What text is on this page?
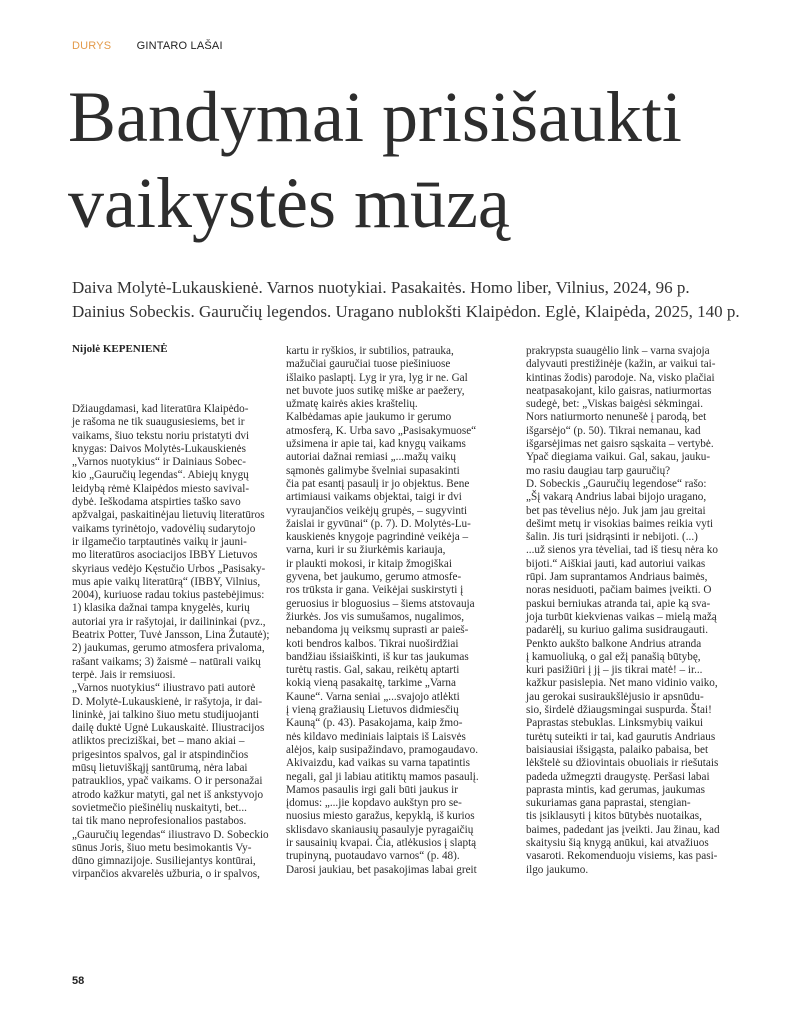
DURYS GINTARO LAŠAI
Bandymai prisišaukti
vaikystės mūzą
Daiva Molytė-Lukauskienė. Varnos nuotykiai. Pasakaitės. Homo liber, Vilnius, 2024, 96 p.
Dainius Sobeckis. Gauručių legendos. Uragano nublokšti Klaipėdon. Eglė, Klaipėda, 2025, 140 p.
Nijolė KEPENIENĖ

Džiaugdamasi, kad literatūra Klaipėdo-
je rašoma ne tik suaugusiesiems, bet ir
vaikams, šiuo tekstu noriu pristatyti dvi
knygas: Daivos Molytės-Lukauskienės
„Varnos nuotykius“ ir Dainiaus Sobec-
kio „Gauručių legendas“. Abiejų knygų
leidybą rėmė Klaipėdos miesto savival-
dybė. Ieškodama atspirties taško savo
apžvalgai, paskaitinėjau lietuvių literatūros
vaikams tyrinėtojo, vadovėlių sudarytojo
ir ilgamečio tarptautinės vaikų ir jauni-
mo literatūros asociacijos IBBY Lietuvos
skyriaus vedėjo Kęstučio Urbos „Pasisaky-
mus apie vaikų literatūrą“ (IBBY, Vilnius,
2004), kuriuose radau tokius pastebėjimus:
1) klasika dažnai tampa knygelės, kurių
autoriai yra ir rašytojai, ir dailininkai (pvz.,
Beatrix Potter, Tuvė Jansson, Lina Žutautė);
2) jaukumas, gerumo atmosfera privaloma,
rašant vaikams; 3) žaismė – natūrali vaikų
terpė. Jais ir remsiuosi.
„Varnos nuotykius“ iliustravo pati autorė
D. Molytė-Lukauskienė, ir rašytoja, ir dai-
lininkė, jai talkino šiuo metu studijuojanti
dailę duktė Ugnė Lukauskaitė. Iliustracijos
atliktos preciziškai, bet – mano akiai –
prigesintos spalvos, gal ir atspindinčios
mūsų lietuviškąjį santūrumą, nėra labai
patrauklios, ypač vaikams. O ir personažai
atrodo kažkur matyti, gal net iš ankstyvojo
sovietmečio piešinėlių nuskaityti, bet...
tai tik mano neprofesionalios pastabos.
„Gauručių legendas“ iliustravo D. Sobeckio
sūnus Joris, šiuo metu besimokantis Vy-
dūno gimnazijoje. Susiliejantys kontūrai,
virpančios akvarelės užburia, o ir spalvos,

kartu ir ryškios, ir subtilios, patrauka,
mažučiai gauručiai tuose piešiniuose
išlaiko paslaptį. Lyg ir yra, lyg ir ne. Gal
net buvote juos sutikę miške ar paežery,
užmatę kairės akies kraštelių.
Kalbėdamas apie jaukumo ir gerumo
atmosferą, K. Urba savo „Pasisakymuose“
užsimena ir apie tai, kad knygų vaikams
autoriai dažnai remiasi „...mažų vaikų
sąmonės galimybe švelniai supasakinti
čia pat esantį pasaulį ir jo objektus. Bene
artimiausi vaikams objektai, taigi ir dvi
vyraujančios veikėjų grupės, – sugyvinti
žaislai ir gyvūnai“ (p. 7). D. Molytės-Lu-
kauskienės knygoje pagrindinė veikėja –
varna, kuri ir su žiurkėmis kariauja,
ir plaukti mokosi, ir kitaip žmogiškai
gyvena, bet jaukumo, gerumo atmosfe-
ros trūksta ir gana. Veikėjai suskirstyti į
geruosius ir bloguosius – šiems atstovauja
žiurkės. Jos vis sumušamos, nugalimos,
nebandoma jų veiksmų suprasti ar paieš-
koti bendros kalbos. Tikrai nuoširdžiai
bandžiau išsiaiškinti, iš kur tas jaukumas
turėtų rastis. Gal, sakau, reikėtų aptarti
kokią vieną pasakaitę, tarkime „Varna
Kaune“. Varna seniai „...svajojo atlėkti
į vieną gražiausių Lietuvos didmiesčių
Kauną“ (p. 43). Pasakojama, kaip žmo-
nės kildavo mediniais laiptais iš Laisvės
alėjos, kaip susipažindavo, pramogaudavo.
Akivaizdu, kad vaikas su varna tapatintis
negali, gal ji labiau atitiktų mamos pasaulį.
Mamos pasaulis irgi gali būti jaukus ir
įdomus: „...jie kopdavo aukštyn pro se-
nuosius miesto garažus, kepyklą, iš kurios
sklisdavo skaniausių pasaulyje pyragaičių
ir sausainių kvapai. Čia, atlėkusios į slaptą
trupinyną, puotaudavo varnos“ (p. 48).
Darosi jaukiau, bet pasakojimas labai greit

prakrypsta suaugėlio link – varna svajoja
dalyvauti prestižinėje (kažin, ar vaikui tai-
kintinas žodis) parodoje. Na, visko plačiai
neatpasakojant, kilo gaisras, natiurmortas
sudegė, bet: „Viskas baigėsi sėkmingai.
Nors natiurmorto nenunešė į parodą, bet
išgarsėjo“ (p. 50). Tikrai nemanau, kad
išgarsėjimas net gaisro sąskaita – vertybė.
Ypač diegiama vaikui. Gal, sakau, jauku-
mo rasiu daugiau tarp gauručių?
D. Sobeckis „Gauručių legendose“ rašo:
„Šį vakarą Andrius labai bijojo uragano,
bet pas tėvelius nėjo. Juk jam jau greitai
dešimt metų ir visokias baimes reikia vyti
šalin. Jis turi įsidrąsinti ir nebijoti. (...)
...už sienos yra tėveliai, tad iš tiesų nėra ko
bijoti.“ Aiškiai jauti, kad autoriui vaikas
rūpi. Jam suprantamos Andriaus baimės,
noras nesiduoti, pačiam baimes įveikti. O
paskui berniukas atranda tai, apie ką sva-
joja turbūt kiekvienas vaikas – mielą mažą
padarėlį, su kuriuo galima susidraugauti.
Penkto aukšto balkone Andrius atranda
į kamuoliuką, o gal ežį panašią būtybę,
kuri pasižiūri į jį – jis tikrai matė! – ir...
kažkur pasislepia. Net mano vidinio vaiko,
jau gerokai susiraukšlėjusio ir apsnūdu-
sio, širdelė džiaugsmingai suspurda. Štai!
Paprastas stebuklas. Linksmybių vaikui
turėtų suteikti ir tai, kad gaurutis Andriaus
baisiausiai išsigąsta, palaiko pabaisa, bet
lėkštelė su džiovintais obuoliais ir riešutais
padeda užmegzti draugystę. Peršasi labai
paprasta mintis, kad gerumas, jaukumas
sukuriamas gana paprastai, stengian-
tis įsiklausyti į kitos būtybės nuotaikas,
baimes, padedant jas įveikti. Jau žinau, kad
skaitysiu šią knygą anūkui, kai atvažiuos
vasaroti. Rekomenduoju visiems, kas pasi-
ilgo jaukumo.

58
